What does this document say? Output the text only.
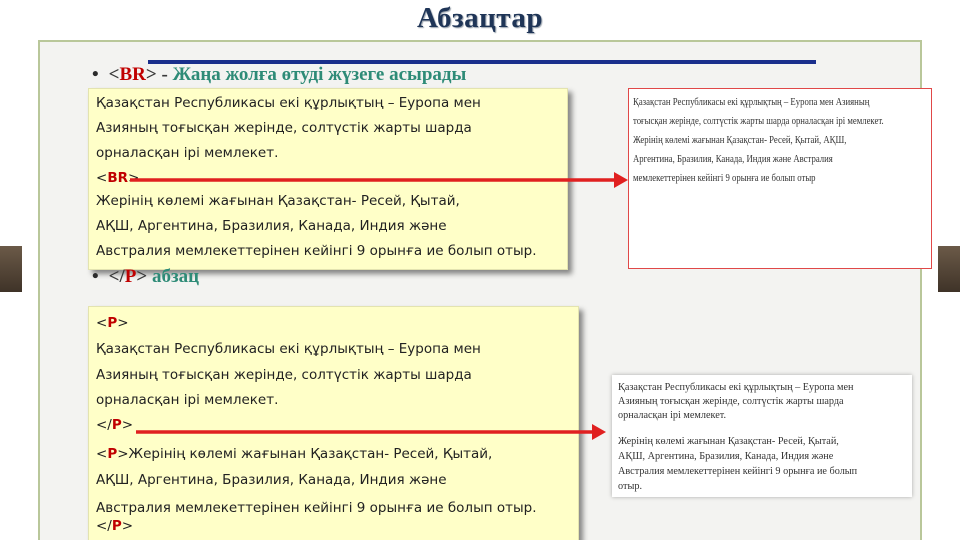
Абзацтар
• <BR> - Жаңа жолға өтуді жүзеге асырады
Қазақстан Республикасы екі құрлықтың – Еуропа мен
Азияның тоғысқан жерінде, солтүстік жарты шарда
орналасқан ірі мемлекет.
<BR>
Жерінің көлемі жағынан Қазақстан- Ресей, Қытай,
АҚШ, Аргентина, Бразилия, Канада, Индия және
Австралия мемлекеттерінен кейінгі 9 орынға ие болып отыр.
Қазақстан Республикасы екі құрлықтың – Еуропа мен Азияның
тоғысқан жерінде, солтүстік жарты шарда орналасқан ірі мемлекет.
Жерінің көлемі жағынан Қазақстан- Ресей, Қытай, АҚШ,
Аргентина, Бразилия, Канада, Индия және Австралия
мемлекеттерінен кейінгі 9 орынға ие болып отыр
• </P> абзац
<P>
Қазақстан Республикасы екі құрлықтың – Еуропа мен
Азияның тоғысқан жерінде, солтүстік жарты шарда
орналасқан ірі мемлекет.
</P>
<P>Жерінің көлемі жағынан Қазақстан- Ресей, Қытай,
АҚШ, Аргентина, Бразилия, Канада, Индия және
Австралия мемлекеттерінен кейінгі 9 орынға ие болып отыр.
</P>
Қазақстан Республикасы екі құрлықтың – Еуропа мен
Азияның тоғысқан жерінде, солтүстік жарты шарда
орналасқан ірі мемлекет.
Жерінің көлемі жағынан Қазақстан- Ресей, Қытай,
АҚШ, Аргентина, Бразилия, Канада, Индия және
Австралия мемлекеттерінен кейінгі 9 орынға ие болып
отыр.
